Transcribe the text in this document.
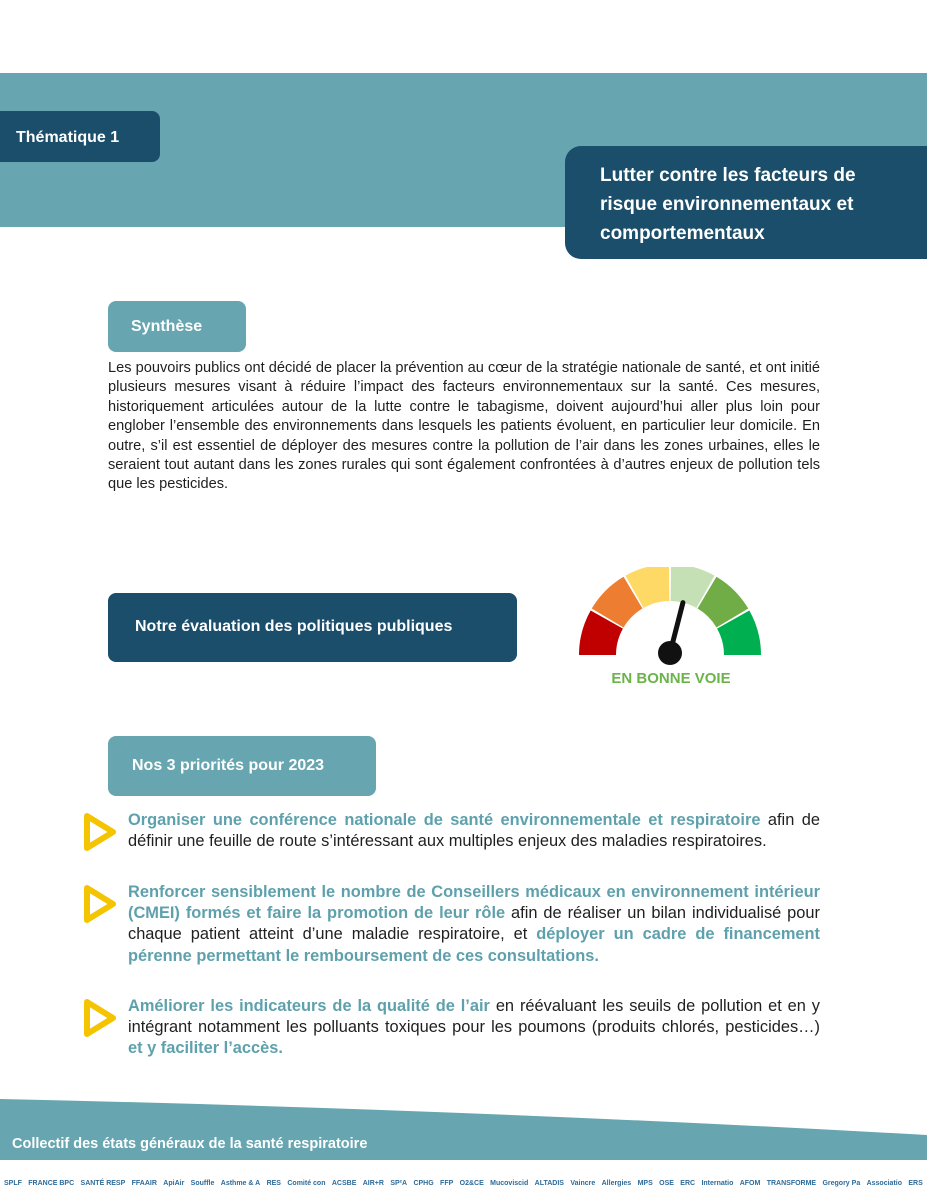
Thématique 1
Lutter contre les facteurs de risque environnementaux et comportementaux
Synthèse

Les pouvoirs publics ont décidé de placer la prévention au cœur de la stratégie nationale de santé, et ont initié plusieurs mesures visant à réduire l’impact des facteurs environnementaux sur la santé. Ces mesures, historiquement articulées autour de la lutte contre le tabagisme, doivent aujourd’hui aller plus loin pour englober l’ensemble des environnements dans lesquels les patients évoluent, en particulier leur domicile. En outre, s’il est essentiel de déployer des mesures contre la pollution de l’air dans les zones urbaines, elles le seraient tout autant dans les zones rurales qui sont également confrontées à d’autres enjeux de pollution tels que les pesticides.

Notre évaluation des politiques publiques
EN BONNE VOIE
Nos 3 priorités pour 2023

Organiser une conférence nationale de santé environnementale et respiratoire afin de définir une feuille de route s’intéressant aux multiples enjeux des maladies respiratoires.

Renforcer sensiblement le nombre de Conseillers médicaux en environnement intérieur (CMEI) formés et faire la promotion de leur rôle afin de réaliser un bilan individualisé pour chaque patient atteint d’une maladie respiratoire, et déployer un cadre de financement pérenne permettant le remboursement de ces consultations.

Améliorer les indicateurs de la qualité de l’air en réévaluant les seuils de pollution et en y intégrant notamment les polluants toxiques pour les poumons (produits chlorés, pesticides…) et y faciliter l’accès.

Collectif des états généraux de la santé respiratoire
SPLF FRANCE BPC SANTÉ RESP FFAAIR ApiAir Souffle Asthme & A RES Comité con ACSBE AIR+R SP²A CPHG FFP O2&CE Mucoviscid ALTADIS Vaincre Allergies MPS OSE ERC Internatio AFOM TRANSFORME Gregory Pa Associatio ERS
